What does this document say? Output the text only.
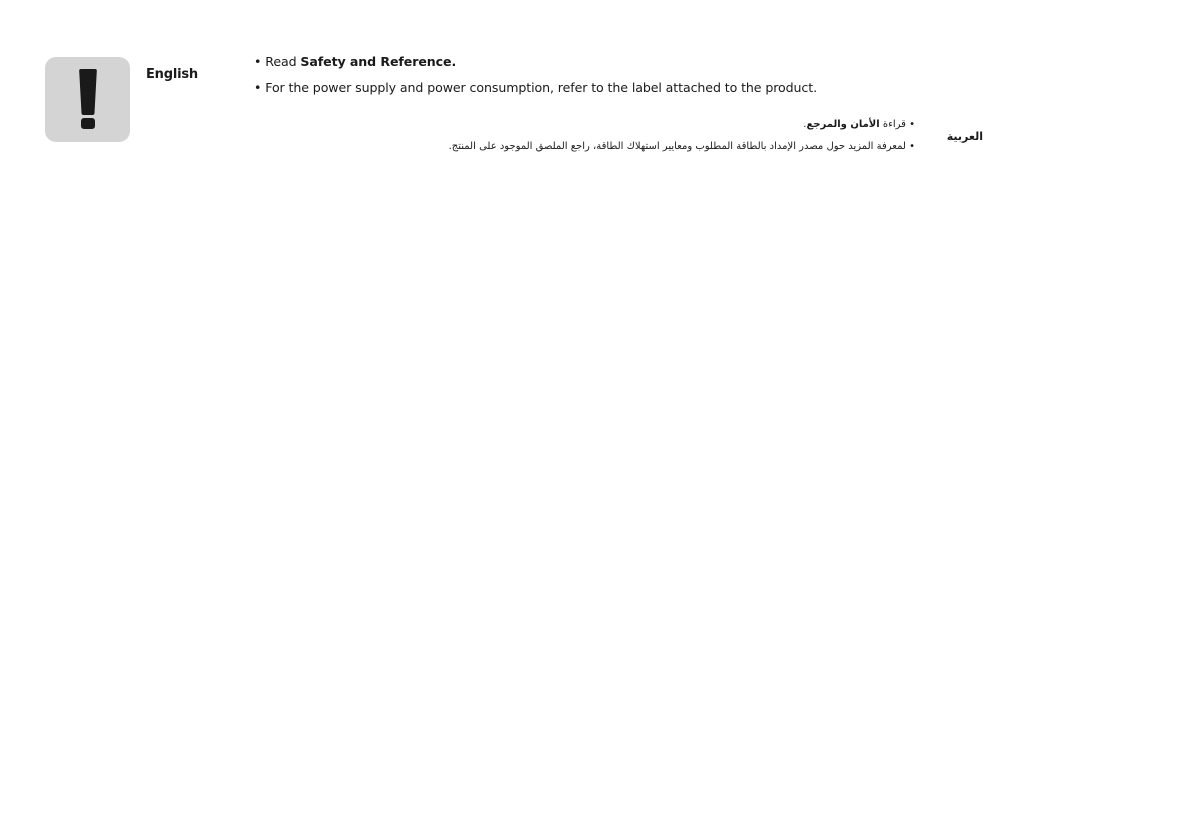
English
• Read Safety and Reference.
• For the power supply and power consumption, refer to the label attached to the product.
• قراءة الأمان والمرجع.
• لمعرفة المزيد حول مصدر الإمداد بالطاقة المطلوب ومعايير استهلاك الطاقة، راجع الملصق الموجود على المنتج.
العربية
